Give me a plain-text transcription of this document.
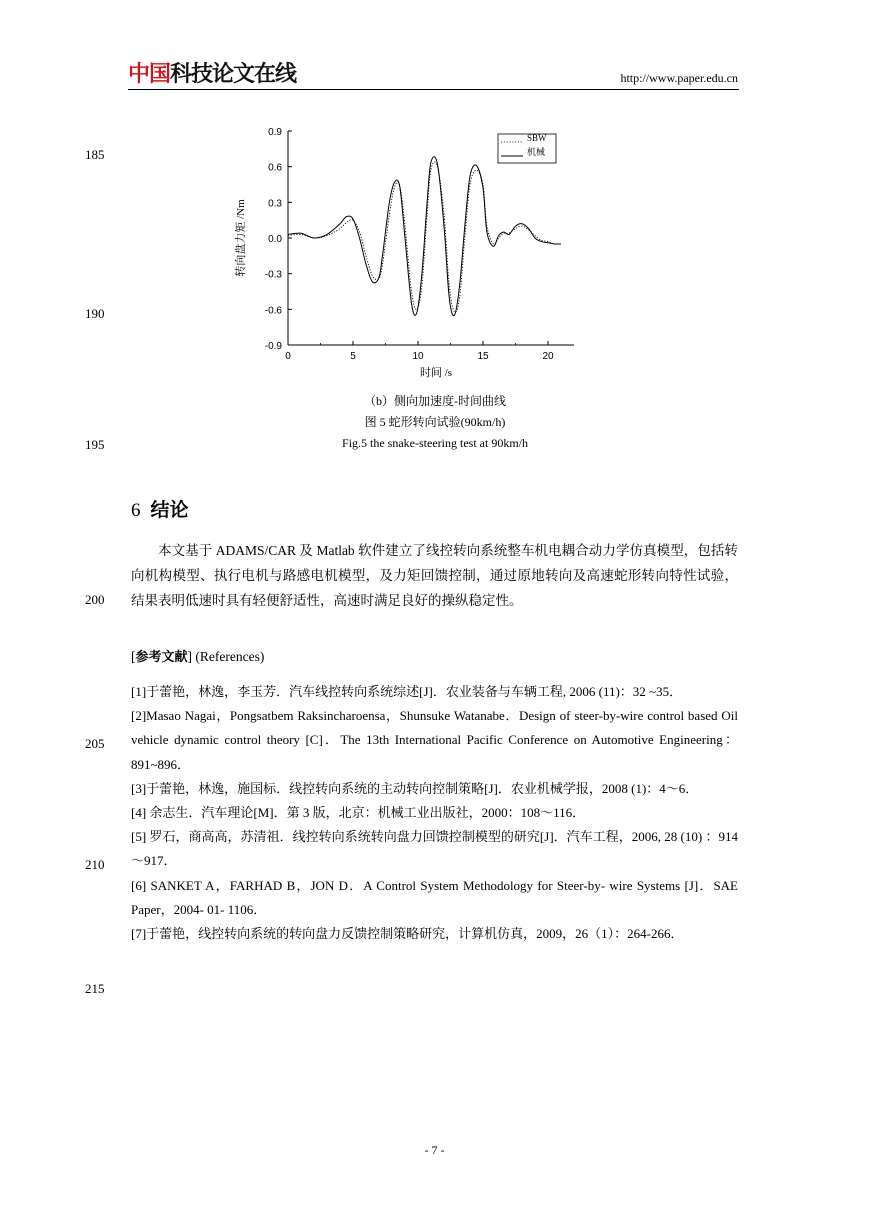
中国科技论文在线	http://www.paper.edu.cn
185
190
195
200
205
210
215
0.9
0.6
0.3
0.0
-0.3
-0.6
-0.9
0	5	10	15	20
转向盘力矩 /Nm
时间 /s
SBW
机械
（b）侧向加速度-时间曲线
图 5 蛇形转向试验(90km/h)
Fig.5 the snake-steering test at 90km/h
6 结论

本文基于 ADAMS/CAR 及 Matlab 软件建立了线控转向系统整车机电耦合动力学仿真模型，包括转向机构模型、执行电机与路感电机模型，及力矩回馈控制，通过原地转向及高速蛇形转向特性试验，结果表明低速时具有轻便舒适性，高速时满足良好的操纵稳定性。

[参考文献] (References)

[1]于蕾艳，林逸，李玉芳．汽车线控转向系统综述[J]．农业装备与车辆工程, 2006 (11)：32 ~35．

[2]Masao Nagai，Pongsatbem Raksincharoensa，Shunsuke Watanabe．Design of steer-by-wire control based Oil vehicle dynamic control theory [C]．The 13th International Pacific Conference on Automotive Engineering：891~896．

[3]于蕾艳，林逸，施国标．线控转向系统的主动转向控制策略[J]．农业机械学报，2008 (1)：4～6．

[4] 余志生．汽车理论[M]．第 3 版，北京：机械工业出版社，2000：108～116．

[5] 罗石，商高高，苏清祖．线控转向系统转向盘力回馈控制模型的研究[J]．汽车工程，2006, 28 (10) ：914～917．

[6] SANKET A，FARHAD B，JON D．A Control System Methodology for Steer-by- wire Systems [J]．SAE Paper，2004- 01- 1106．

[7]于蕾艳，线控转向系统的转向盘力反馈控制策略研究，计算机仿真，2009，26（1）：264-266．

- 7 -
